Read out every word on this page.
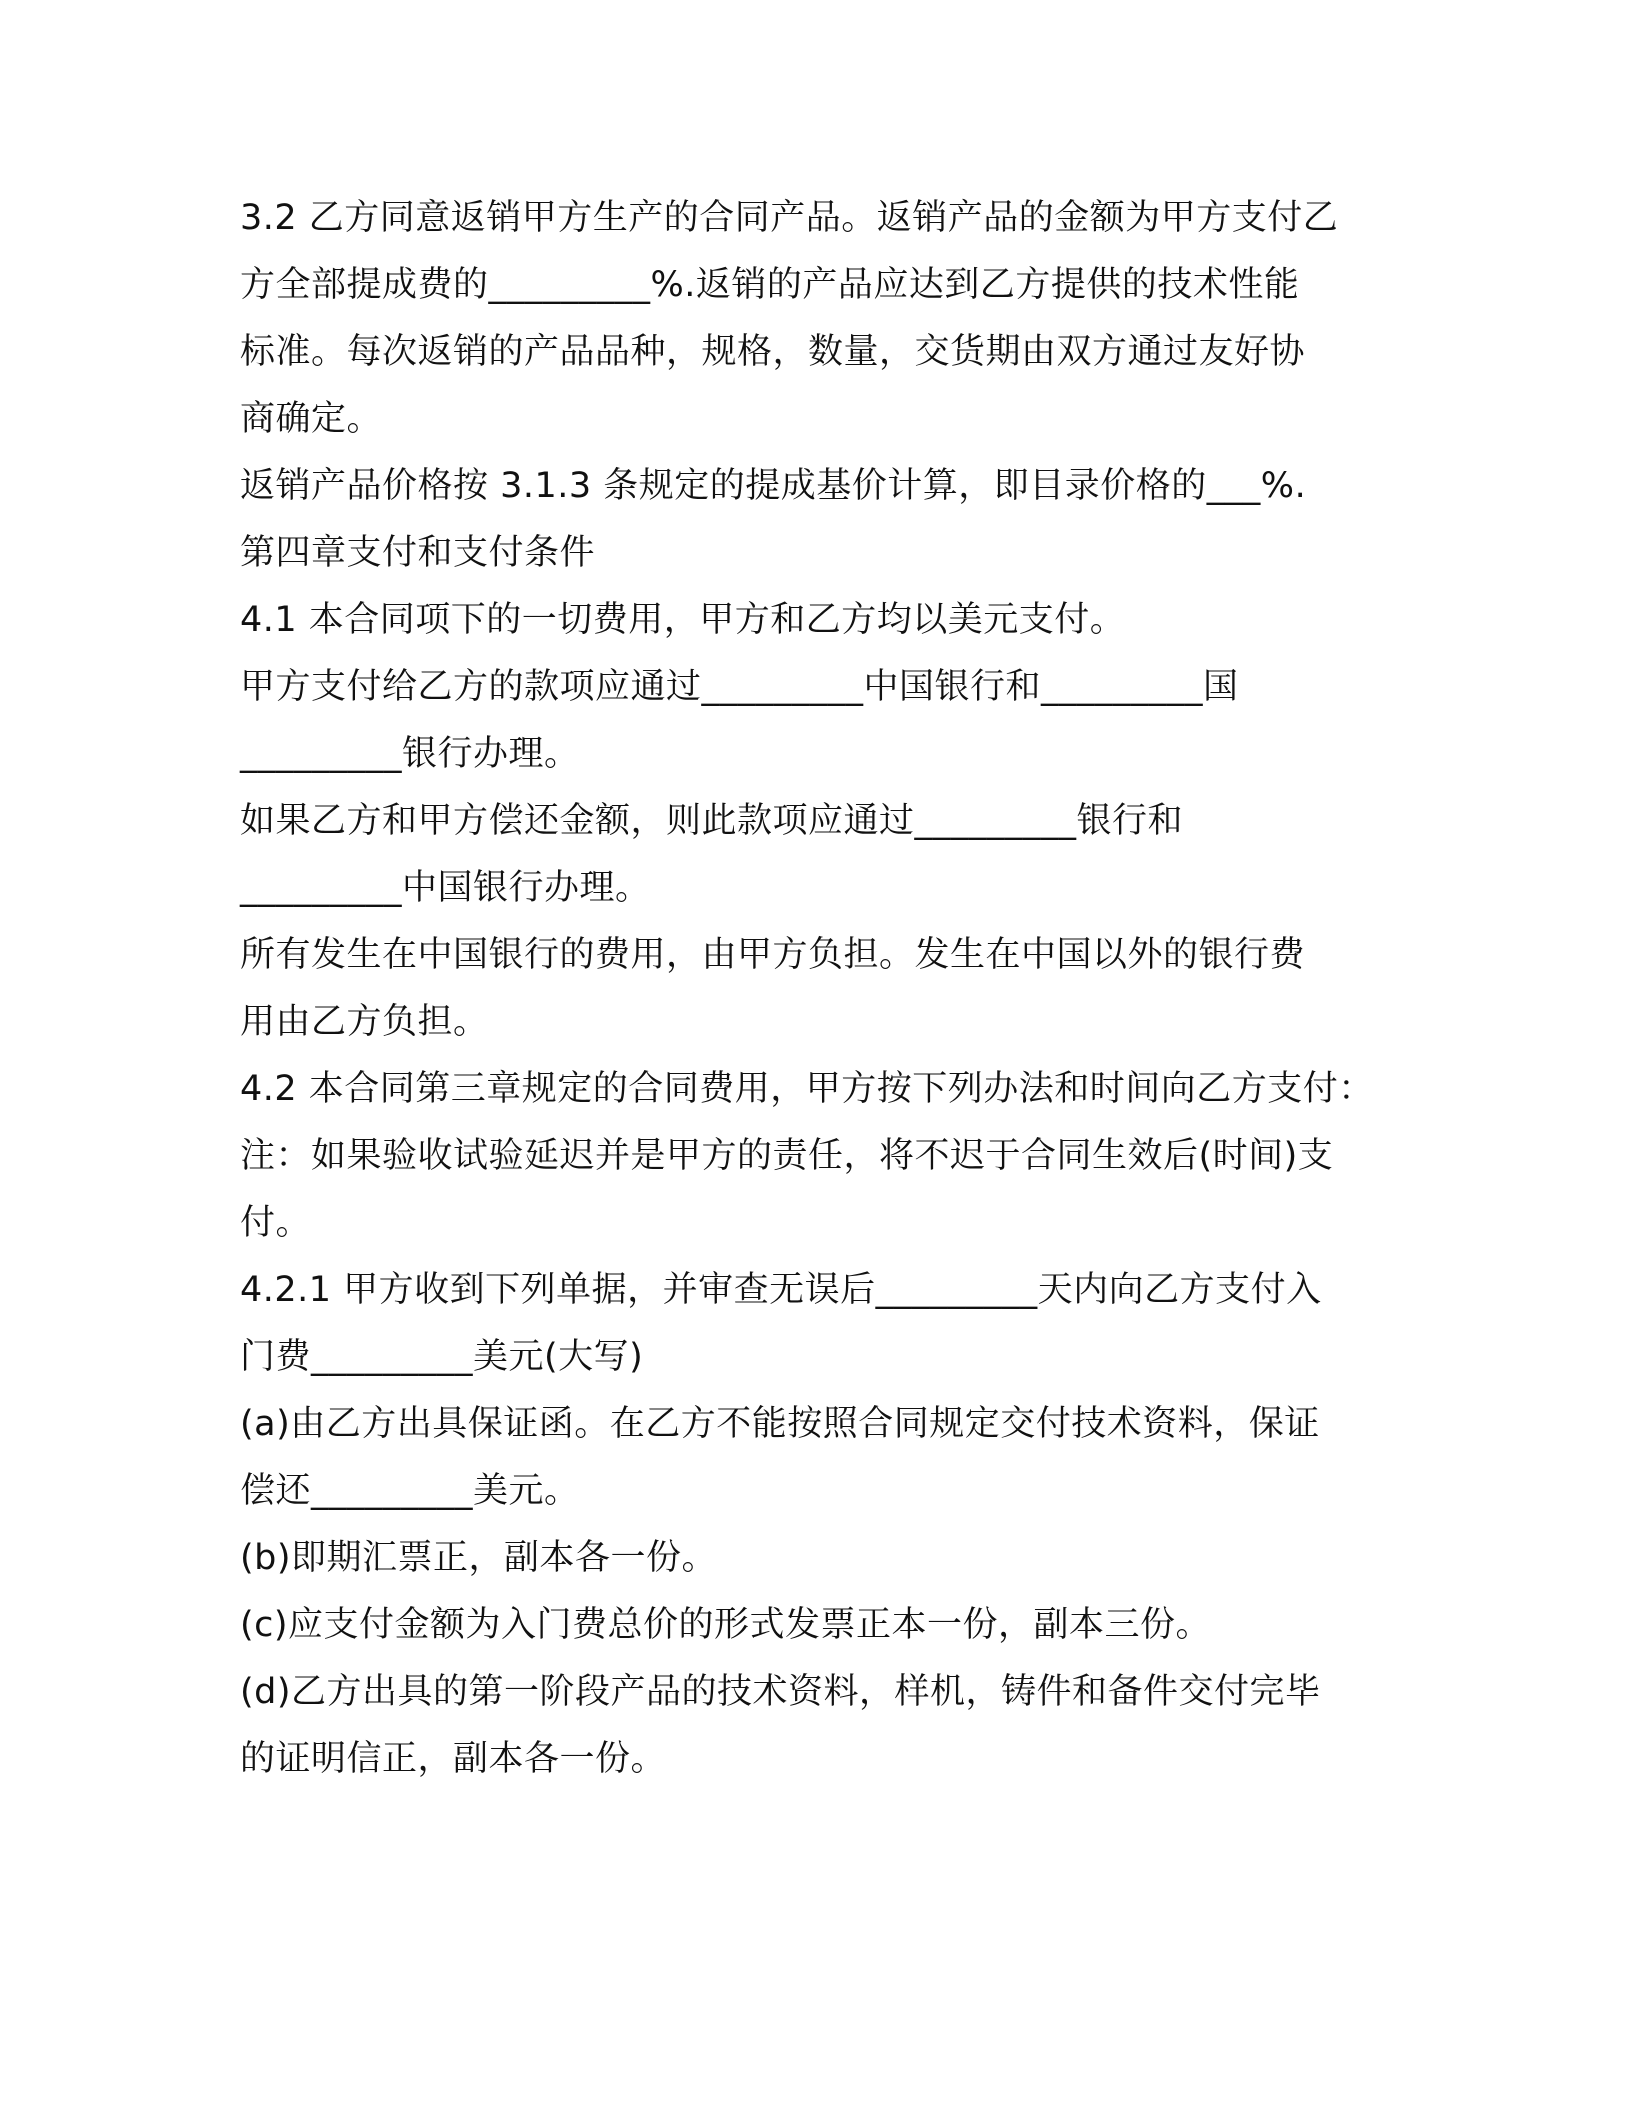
3.2 乙方同意返销甲方生产的合同产品。返销产品的金额为甲方支付乙
方全部提成费的_________%.返销的产品应达到乙方提供的技术性能
标准。每次返销的产品品种，规格，数量，交货期由双方通过友好协
商确定。
返销产品价格按 3.1.3 条规定的提成基价计算，即目录价格的___%.
第四章支付和支付条件
4.1 本合同项下的一切费用，甲方和乙方均以美元支付。
甲方支付给乙方的款项应通过_________中国银行和_________国
_________银行办理。
如果乙方和甲方偿还金额，则此款项应通过_________银行和
_________中国银行办理。
所有发生在中国银行的费用，由甲方负担。发生在中国以外的银行费
用由乙方负担。
4.2 本合同第三章规定的合同费用，甲方按下列办法和时间向乙方支付：
注：如果验收试验延迟并是甲方的责任，将不迟于合同生效后(时间)支
付。
4.2.1 甲方收到下列单据，并审查无误后_________天内向乙方支付入
门费_________美元(大写)
(a)由乙方出具保证函。在乙方不能按照合同规定交付技术资料，保证
偿还_________美元。
(b)即期汇票正，副本各一份。
(c)应支付金额为入门费总价的形式发票正本一份，副本三份。
(d)乙方出具的第一阶段产品的技术资料，样机，铸件和备件交付完毕
的证明信正，副本各一份。
